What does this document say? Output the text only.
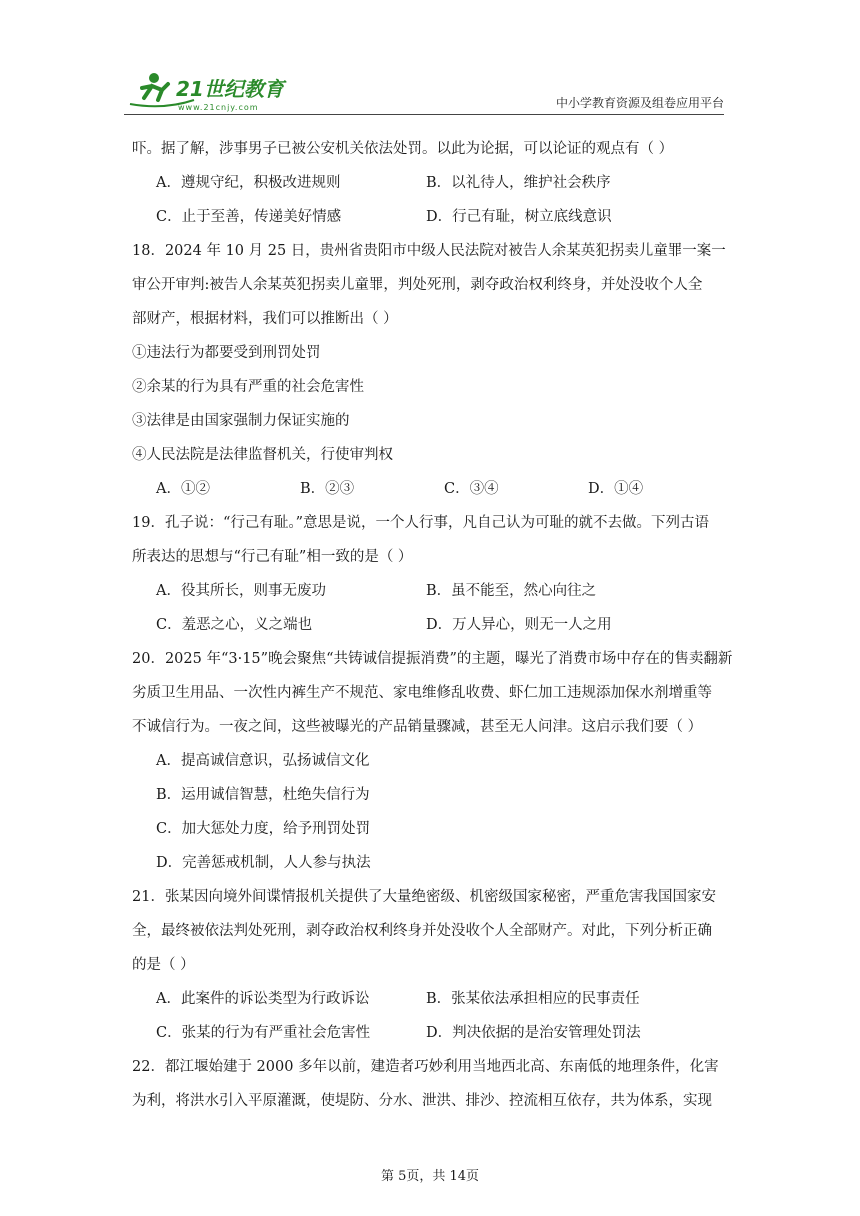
21世纪教育
www.21cnjy.com	中小学教育资源及组卷应用平台
吓。据了解，涉事男子已被公安机关依法处罚。以此为论据，可以论证的观点有（ ）
A．遵规守纪，积极改进规则	B．以礼待人，维护社会秩序
C．止于至善，传递美好情感	D．行己有耻，树立底线意识
18．2024 年 10 月 25 日，贵州省贵阳市中级人民法院对被告人余某英犯拐卖儿童罪一案一
审公开审判:被告人余某英犯拐卖儿童罪，判处死刑，剥夺政治权利终身，并处没收个人全
部财产，根据材料，我们可以推断出（ ）
①违法行为都要受到刑罚处罚
②余某的行为具有严重的社会危害性
③法律是由国家强制力保证实施的
④人民法院是法律监督机关，行使审判权
A．①②	B．②③	C．③④	D．①④
19．孔子说：“行己有耻。”意思是说，一个人行事，凡自己认为可耻的就不去做。下列古语
所表达的思想与“行己有耻”相一致的是（ ）
A．役其所长，则事无废功	B．虽不能至，然心向往之
C．羞恶之心，义之端也	D．万人异心，则无一人之用
20．2025 年“3·15”晚会聚焦“共铸诚信提振消费”的主题，曝光了消费市场中存在的售卖翻新
劣质卫生用品、一次性内裤生产不规范、家电维修乱收费、虾仁加工违规添加保水剂增重等
不诚信行为。一夜之间，这些被曝光的产品销量骤减，甚至无人问津。这启示我们要（ ）
A．提高诚信意识，弘扬诚信文化
B．运用诚信智慧，杜绝失信行为
C．加大惩处力度，给予刑罚处罚
D．完善惩戒机制，人人参与执法
21．张某因向境外间谍情报机关提供了大量绝密级、机密级国家秘密，严重危害我国国家安
全，最终被依法判处死刑，剥夺政治权利终身并处没收个人全部财产。对此，下列分析正确
的是（ ）
A．此案件的诉讼类型为行政诉讼	B．张某依法承担相应的民事责任
C．张某的行为有严重社会危害性	D．判决依据的是治安管理处罚法
22．都江堰始建于 2000 多年以前，建造者巧妙利用当地西北高、东南低的地理条件，化害
为利，将洪水引入平原灌溉，使堤防、分水、泄洪、排沙、控流相互依存，共为体系，实现
第 5页，共 14页
